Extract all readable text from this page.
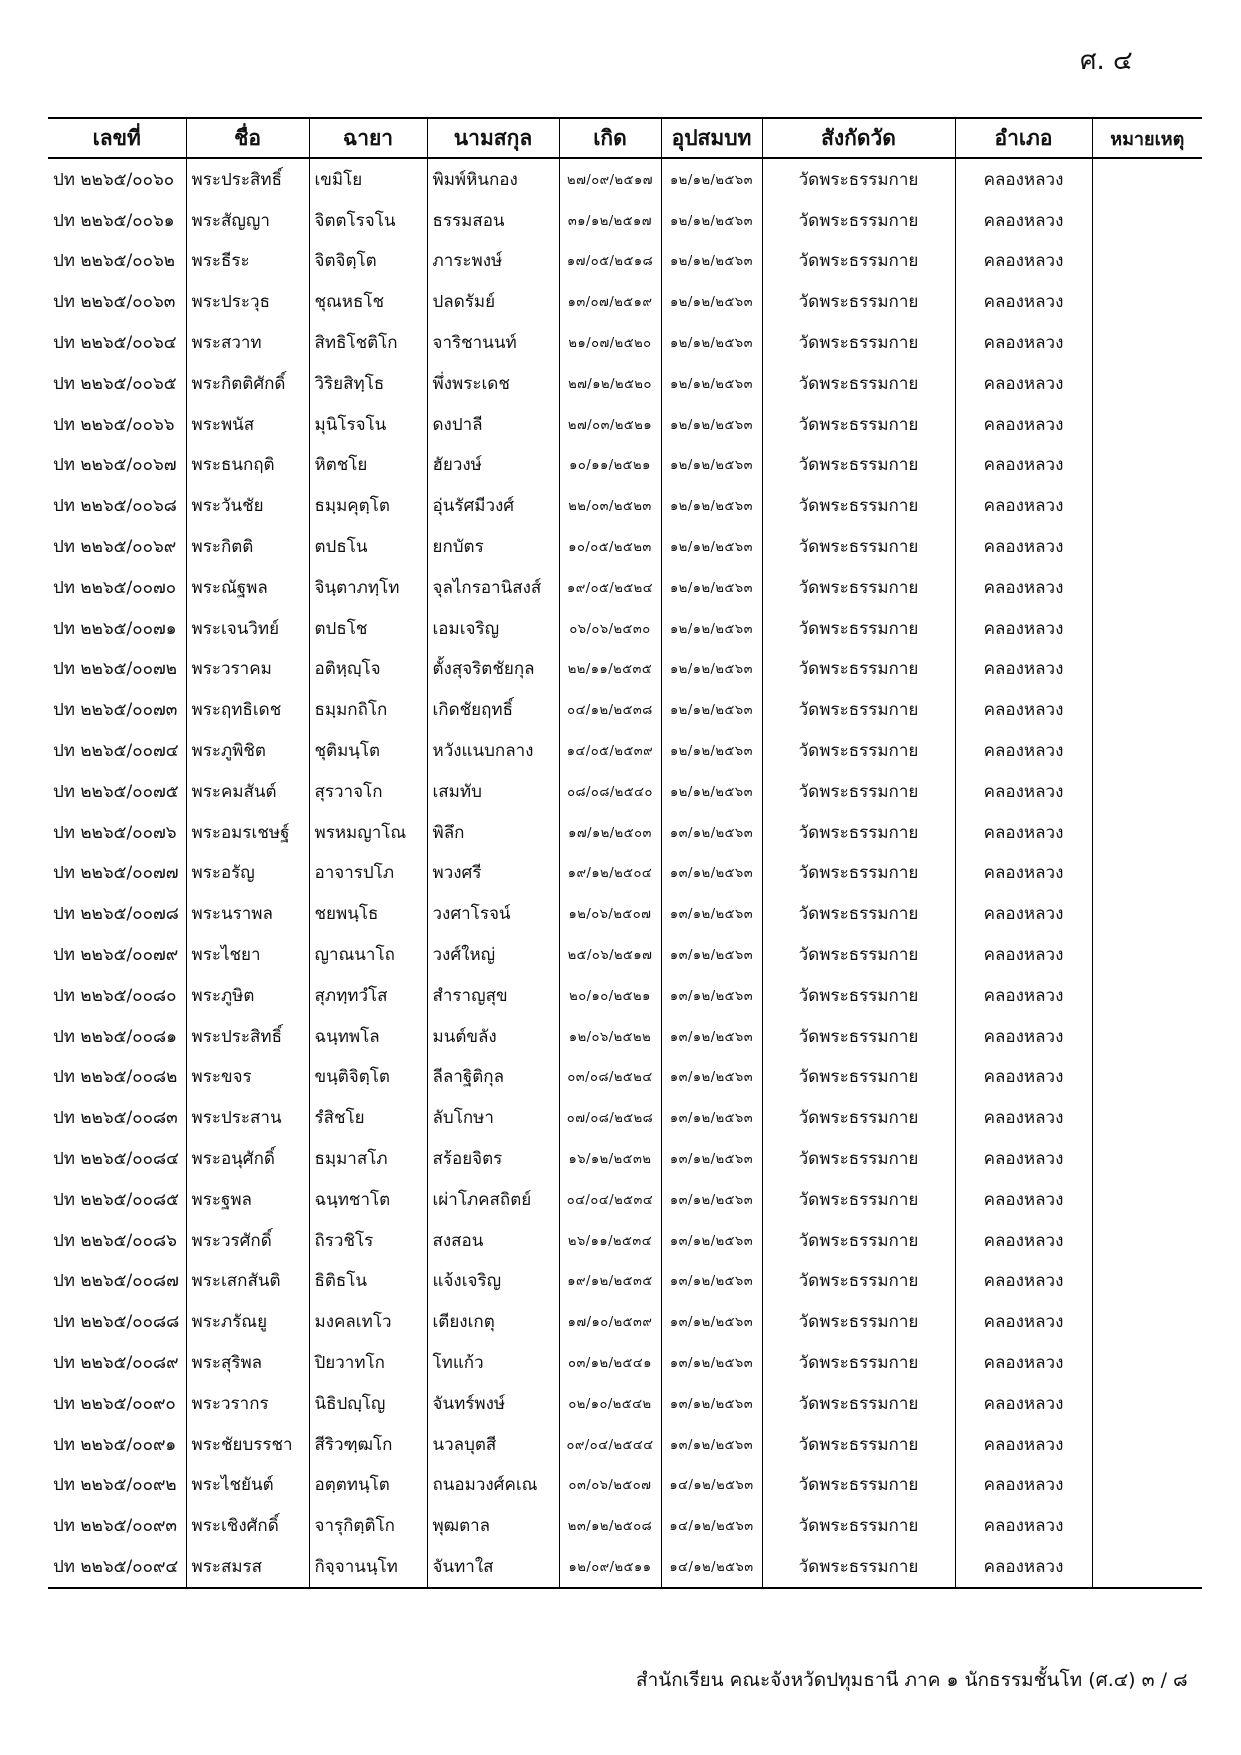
ศ. ๔
เลขที่	ชื่อ	ฉายา	นามสกุล	เกิด	อุปสมบท	สังกัดวัด	อำเภอ	หมายเหตุ
ปท ๒๒๖๕/๐๐๖๐	พระประสิทธิ์	เขมิโย	พิมพ์หินกอง	๒๗/๐๙/๒๕๑๗	๑๒/๑๒/๒๕๖๓	วัดพระธรรมกาย	คลองหลวง	
ปท ๒๒๖๕/๐๐๖๑	พระสัญญา	จิตตโรจโน	ธรรมสอน	๓๑/๑๒/๒๕๑๗	๑๒/๑๒/๒๕๖๓	วัดพระธรรมกาย	คลองหลวง	
ปท ๒๒๖๕/๐๐๖๒	พระธีระ	จิตจิตฺโต	ภาระพงษ์	๑๗/๐๕/๒๕๑๘	๑๒/๑๒/๒๕๖๓	วัดพระธรรมกาย	คลองหลวง	
ปท ๒๒๖๕/๐๐๖๓	พระประวุธ	ชุณหธโช	ปลดรัมย์	๑๓/๐๗/๒๕๑๙	๑๒/๑๒/๒๕๖๓	วัดพระธรรมกาย	คลองหลวง	
ปท ๒๒๖๕/๐๐๖๔	พระสวาท	สิทธิโชติโก	จาริชานนท์	๒๑/๐๗/๒๕๒๐	๑๒/๑๒/๒๕๖๓	วัดพระธรรมกาย	คลองหลวง	
ปท ๒๒๖๕/๐๐๖๕	พระกิตติศักดิ์	วิริยสิทฺโธ	พึ่งพระเดช	๒๗/๑๒/๒๕๒๐	๑๒/๑๒/๒๕๖๓	วัดพระธรรมกาย	คลองหลวง	
ปท ๒๒๖๕/๐๐๖๖	พระพนัส	มุนิโรจโน	ดงปาลี	๒๗/๐๓/๒๕๒๑	๑๒/๑๒/๒๕๖๓	วัดพระธรรมกาย	คลองหลวง	
ปท ๒๒๖๕/๐๐๖๗	พระธนกฤติ	หิตชโย	ฮัยวงษ์	๑๐/๑๑/๒๕๒๑	๑๒/๑๒/๒๕๖๓	วัดพระธรรมกาย	คลองหลวง	
ปท ๒๒๖๕/๐๐๖๘	พระวันชัย	ธมฺมคุตฺโต	อุ่นรัศมีวงศ์	๒๒/๐๓/๒๕๒๓	๑๒/๑๒/๒๕๖๓	วัดพระธรรมกาย	คลองหลวง	
ปท ๒๒๖๕/๐๐๖๙	พระกิตติ	ตปธโน	ยกบัตร	๑๐/๐๕/๒๕๒๓	๑๒/๑๒/๒๕๖๓	วัดพระธรรมกาย	คลองหลวง	
ปท ๒๒๖๕/๐๐๗๐	พระณัฐพล	จินฺตาภทฺโท	จุลไกรอานิสงส์	๑๙/๐๕/๒๕๒๔	๑๒/๑๒/๒๕๖๓	วัดพระธรรมกาย	คลองหลวง	
ปท ๒๒๖๕/๐๐๗๑	พระเจนวิทย์	ตปธโช	เอมเจริญ	๐๖/๐๖/๒๕๓๐	๑๒/๑๒/๒๕๖๓	วัดพระธรรมกาย	คลองหลวง	
ปท ๒๒๖๕/๐๐๗๒	พระวราคม	อติหฺญฺโจ	ตั้งสุจริตชัยกุล	๒๒/๑๑/๒๕๓๕	๑๒/๑๒/๒๕๖๓	วัดพระธรรมกาย	คลองหลวง	
ปท ๒๒๖๕/๐๐๗๓	พระฤทธิเดช	ธมฺมกถิโก	เกิดชัยฤทธิ์	๐๔/๑๒/๒๕๓๘	๑๒/๑๒/๒๕๖๓	วัดพระธรรมกาย	คลองหลวง	
ปท ๒๒๖๕/๐๐๗๔	พระภูพิชิต	ชุติมนฺโต	หวังแนบกลาง	๑๔/๐๕/๒๕๓๙	๑๒/๑๒/๒๕๖๓	วัดพระธรรมกาย	คลองหลวง	
ปท ๒๒๖๕/๐๐๗๕	พระคมสันต์	สุรวาจโก	เสมทับ	๐๘/๐๘/๒๕๔๐	๑๒/๑๒/๒๕๖๓	วัดพระธรรมกาย	คลองหลวง	
ปท ๒๒๖๕/๐๐๗๖	พระอมรเชษฐ์	พรหมญาโณ	พิลึก	๑๗/๑๒/๒๕๐๓	๑๓/๑๒/๒๕๖๓	วัดพระธรรมกาย	คลองหลวง	
ปท ๒๒๖๕/๐๐๗๗	พระอรัญ	อาจารปโภ	พวงศรี	๑๙/๑๒/๒๕๐๔	๑๓/๑๒/๒๕๖๓	วัดพระธรรมกาย	คลองหลวง	
ปท ๒๒๖๕/๐๐๗๘	พระนราพล	ชยพนฺโธ	วงศาโรจน์	๑๒/๐๖/๒๕๐๗	๑๓/๑๒/๒๕๖๓	วัดพระธรรมกาย	คลองหลวง	
ปท ๒๒๖๕/๐๐๗๙	พระไชยา	ญาณนาโถ	วงศ์ใหญ่	๒๕/๐๖/๒๕๑๗	๑๓/๑๒/๒๕๖๓	วัดพระธรรมกาย	คลองหลวง	
ปท ๒๒๖๕/๐๐๘๐	พระภูษิต	สุภทฺทวํโส	สำราญสุข	๒๐/๑๐/๒๕๒๑	๑๓/๑๒/๒๕๖๓	วัดพระธรรมกาย	คลองหลวง	
ปท ๒๒๖๕/๐๐๘๑	พระประสิทธิ์	ฉนฺทพโล	มนต์ขลัง	๑๒/๐๖/๒๕๒๒	๑๓/๑๒/๒๕๖๓	วัดพระธรรมกาย	คลองหลวง	
ปท ๒๒๖๕/๐๐๘๒	พระขจร	ขนฺติจิตฺโต	ลีลาฐิติกุล	๐๓/๐๘/๒๕๒๔	๑๓/๑๒/๒๕๖๓	วัดพระธรรมกาย	คลองหลวง	
ปท ๒๒๖๕/๐๐๘๓	พระประสาน	รํสิชโย	ลับโกษา	๐๗/๐๘/๒๕๒๘	๑๓/๑๒/๒๕๖๓	วัดพระธรรมกาย	คลองหลวง	
ปท ๒๒๖๕/๐๐๘๔	พระอนุศักดิ์	ธมฺมาสโภ	สร้อยจิตร	๑๖/๑๒/๒๕๓๒	๑๓/๑๒/๒๕๖๓	วัดพระธรรมกาย	คลองหลวง	
ปท ๒๒๖๕/๐๐๘๕	พระฐพล	ฉนฺทชาโต	เผ่าโภคสถิตย์	๐๔/๐๔/๒๕๓๔	๑๓/๑๒/๒๕๖๓	วัดพระธรรมกาย	คลองหลวง	
ปท ๒๒๖๕/๐๐๘๖	พระวรศักดิ์	ถิรวชิโร	สงสอน	๒๖/๑๑/๒๕๓๔	๑๓/๑๒/๒๕๖๓	วัดพระธรรมกาย	คลองหลวง	
ปท ๒๒๖๕/๐๐๘๗	พระเสกสันติ	ธิติธโน	แจ้งเจริญ	๑๙/๑๒/๒๕๓๕	๑๓/๑๒/๒๕๖๓	วัดพระธรรมกาย	คลองหลวง	
ปท ๒๒๖๕/๐๐๘๘	พระภรัณยู	มงคลเทโว	เตียงเกตุ	๑๗/๑๐/๒๕๓๙	๑๓/๑๒/๒๕๖๓	วัดพระธรรมกาย	คลองหลวง	
ปท ๒๒๖๕/๐๐๘๙	พระสุริพล	ปิยวาทโก	โทแก้ว	๐๓/๑๒/๒๕๔๑	๑๓/๑๒/๒๕๖๓	วัดพระธรรมกาย	คลองหลวง	
ปท ๒๒๖๕/๐๐๙๐	พระวรากร	นิธิปญฺโญ	จันทร์พงษ์	๐๒/๑๐/๒๕๔๒	๑๓/๑๒/๒๕๖๓	วัดพระธรรมกาย	คลองหลวง	
ปท ๒๒๖๕/๐๐๙๑	พระชัยบรรชา	สีริวฑฺฒโก	นวลบุตสี	๐๙/๐๔/๒๕๔๔	๑๓/๑๒/๒๕๖๓	วัดพระธรรมกาย	คลองหลวง	
ปท ๒๒๖๕/๐๐๙๒	พระไชยันต์	อตฺตทนฺโต	ถนอมวงศ์คเณ	๐๓/๐๖/๒๕๐๗	๑๔/๑๒/๒๕๖๓	วัดพระธรรมกาย	คลองหลวง	
ปท ๒๒๖๕/๐๐๙๓	พระเชิงศักดิ์	จารุกิตฺติโก	พุฒตาล	๒๓/๑๒/๒๕๐๘	๑๔/๑๒/๒๕๖๓	วัดพระธรรมกาย	คลองหลวง	
ปท ๒๒๖๕/๐๐๙๔	พระสมรส	กิจฺจานนฺโท	จันทาใส	๑๒/๐๙/๒๕๑๑	๑๔/๑๒/๒๕๖๓	วัดพระธรรมกาย	คลองหลวง	
สำนักเรียน คณะจังหวัดปทุมธานี ภาค ๑ นักธรรมชั้นโท (ศ.๔) ๓ / ๘
